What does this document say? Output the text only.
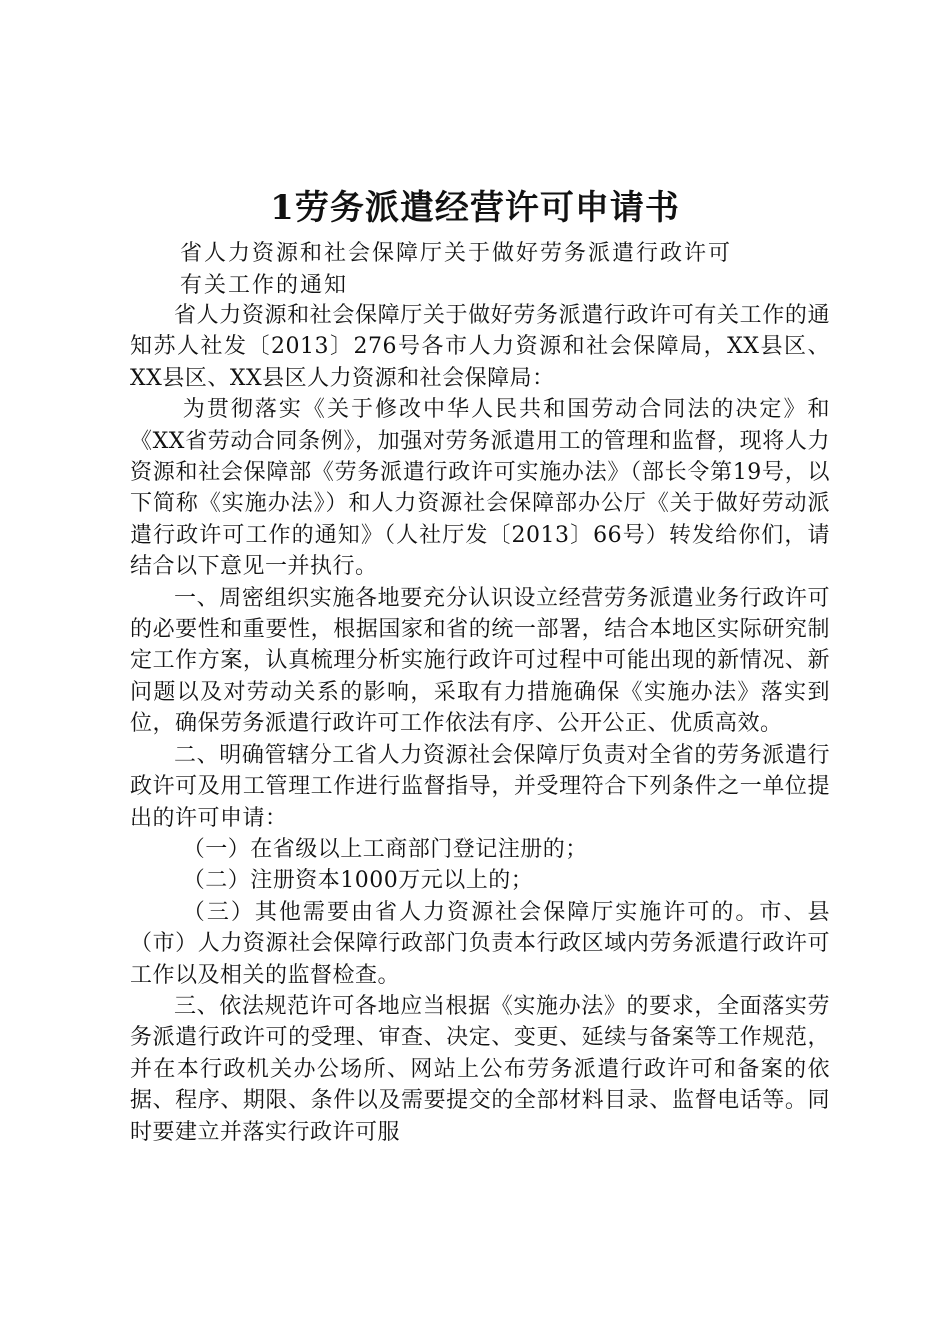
1劳务派遣经营许可申请书
省人力资源和社会保障厅关于做好劳务派遣行政许可
有关工作的通知

省人力资源和社会保障厅关于做好劳务派遣行政许可有关工作的通知苏人社发〔2013〕276号各市人力资源和社会保障局，XX县区、XX县区、XX县区人力资源和社会保障局：

为贯彻落实《关于修改中华人民共和国劳动合同法的决定》和《XX省劳动合同条例》，加强对劳务派遣用工的管理和监督，现将人力资源和社会保障部《劳务派遣行政许可实施办法》（部长令第19号，以下简称《实施办法》）和人力资源社会保障部办公厅《关于做好劳动派遣行政许可工作的通知》（人社厅发〔2013〕66号）转发给你们，请结合以下意见一并执行。

一、周密组织实施各地要充分认识设立经营劳务派遣业务行政许可的必要性和重要性，根据国家和省的统一部署，结合本地区实际研究制定工作方案，认真梳理分析实施行政许可过程中可能出现的新情况、新问题以及对劳动关系的影响，采取有力措施确保《实施办法》落实到位，确保劳务派遣行政许可工作依法有序、公开公正、优质高效。

二、明确管辖分工省人力资源社会保障厅负责对全省的劳务派遣行政许可及用工管理工作进行监督指导，并受理符合下列条件之一单位提出的许可申请：

（一）在省级以上工商部门登记注册的；

（二）注册资本1000万元以上的；

（三）其他需要由省人力资源社会保障厅实施许可的。市、县（市）人力资源社会保障行政部门负责本行政区域内劳务派遣行政许可工作以及相关的监督检查。

三、依法规范许可各地应当根据《实施办法》的要求，全面落实劳务派遣行政许可的受理、审查、决定、变更、延续与备案等工作规范，并在本行政机关办公场所、网站上公布劳务派遣行政许可和备案的依据、程序、期限、条件以及需要提交的全部材料目录、监督电话等。同时要建立并落实行政许可服
